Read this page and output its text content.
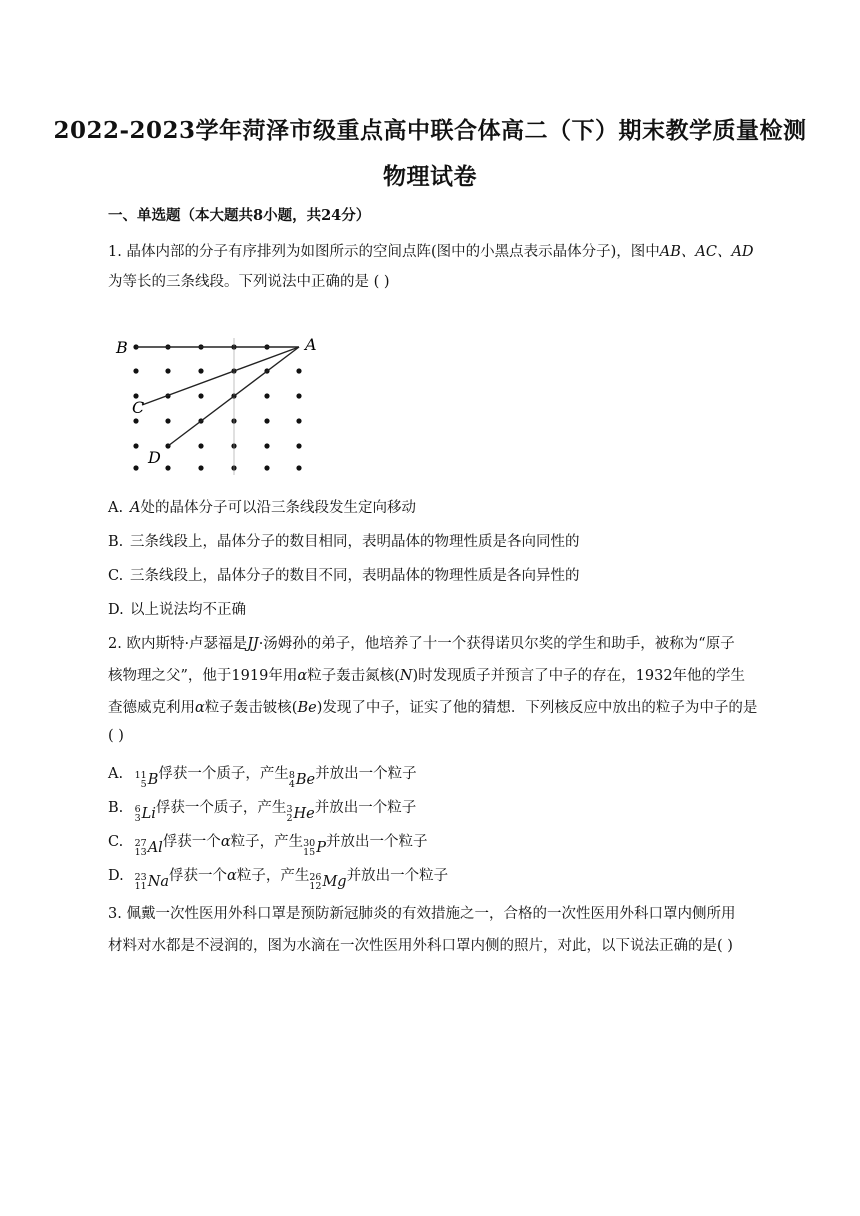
2022-2023学年菏泽市级重点高中联合体高二（下）期末教学质量检测
物理试卷
一、单选题（本大题共8小题，共24分）
1. 晶体内部的分子有序排列为如图所示的空间点阵(图中的小黑点表示晶体分子)，图中AB、AC、AD
为等长的三条线段。下列说法中正确的是 ( )
B	A
C
D
A. A处的晶体分子可以沿三条线段发生定向移动
B. 三条线段上，晶体分子的数目相同，表明晶体的物理性质是各向同性的
C. 三条线段上，晶体分子的数目不同，表明晶体的物理性质是各向异性的
D. 以上说法均不正确
2. 欧内斯特·卢瑟福是JJ·汤姆孙的弟子，他培养了十一个获得诺贝尔奖的学生和助手，被称为“原子
核物理之父”，他于1919年用α粒子轰击氮核(N)时发现质子并预言了中子的存在，1932年他的学生
查德威克利用α粒子轰击铍核(Be)发现了中子，证实了他的猜想．下列核反应中放出的粒子为中子的是
( )
A. 11
5 B 俘获一个质子，产生 8
4 Be 并放出一个粒子
B. 6
3 Li 俘获一个质子，产生 3
2 He 并放出一个粒子
C. 27
13 Al 俘获一个α粒子，产生 30
15 P 并放出一个粒子
D. 23
11 Na 俘获一个α粒子，产生 26
12 Mg 并放出一个粒子
3. 佩戴一次性医用外科口罩是预防新冠肺炎的有效措施之一，合格的一次性医用外科口罩内侧所用
材料对水都是不浸润的，图为水滴在一次性医用外科口罩内侧的照片，对此，以下说法正确的是( )
